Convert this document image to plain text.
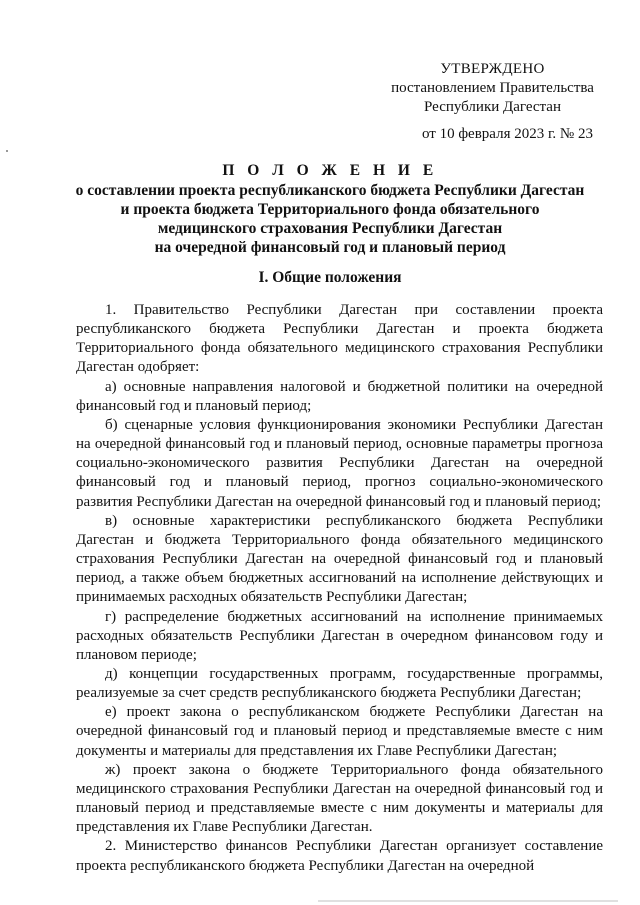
УТВЕРЖДЕНО
постановлением Правительства
Республики Дагестан
от 10 февраля 2023 г. № 23
П О Л О Ж Е Н И Е
о составлении проекта республиканского бюджета Республики Дагестан
и проекта бюджета Территориального фонда обязательного
медицинского страхования Республики Дагестан
на очередной финансовый год и плановый период
I. Общие положения

1. Правительство Республики Дагестан при составлении проекта республиканского бюджета Республики Дагестан и проекта бюджета Территориального фонда обязательного медицинского страхования Республики Дагестан одобряет:

а) основные направления налоговой и бюджетной политики на очередной финансовый год и плановый период;

б) сценарные условия функционирования экономики Республики Дагестан на очередной финансовый год и плановый период, основные параметры прогноза социально-экономического развития Республики Дагестан на очередной финансовый год и плановый период, прогноз социально-экономического развития Республики Дагестан на очередной финансовый год и плановый период;

в) основные характеристики республиканского бюджета Республики Дагестан и бюджета Территориального фонда обязательного медицинского страхования Республики Дагестан на очередной финансовый год и плановый период, а также объем бюджетных ассигнований на исполнение действующих и принимаемых расходных обязательств Республики Дагестан;

г) распределение бюджетных ассигнований на исполнение принимаемых расходных обязательств Республики Дагестан в очередном финансовом году и плановом периоде;

д) концепции государственных программ, государственные программы, реализуемые за счет средств республиканского бюджета Республики Дагестан;

е) проект закона о республиканском бюджете Республики Дагестан на очередной финансовый год и плановый период и представляемые вместе с ним документы и материалы для представления их Главе Республики Дагестан;

ж) проект закона о бюджете Территориального фонда обязательного медицинского страхования Республики Дагестан на очередной финансовый год и плановый период и представляемые вместе с ним документы и материалы для представления их Главе Республики Дагестан.

2. Министерство финансов Республики Дагестан организует составление проекта республиканского бюджета Республики Дагестан на очередной
